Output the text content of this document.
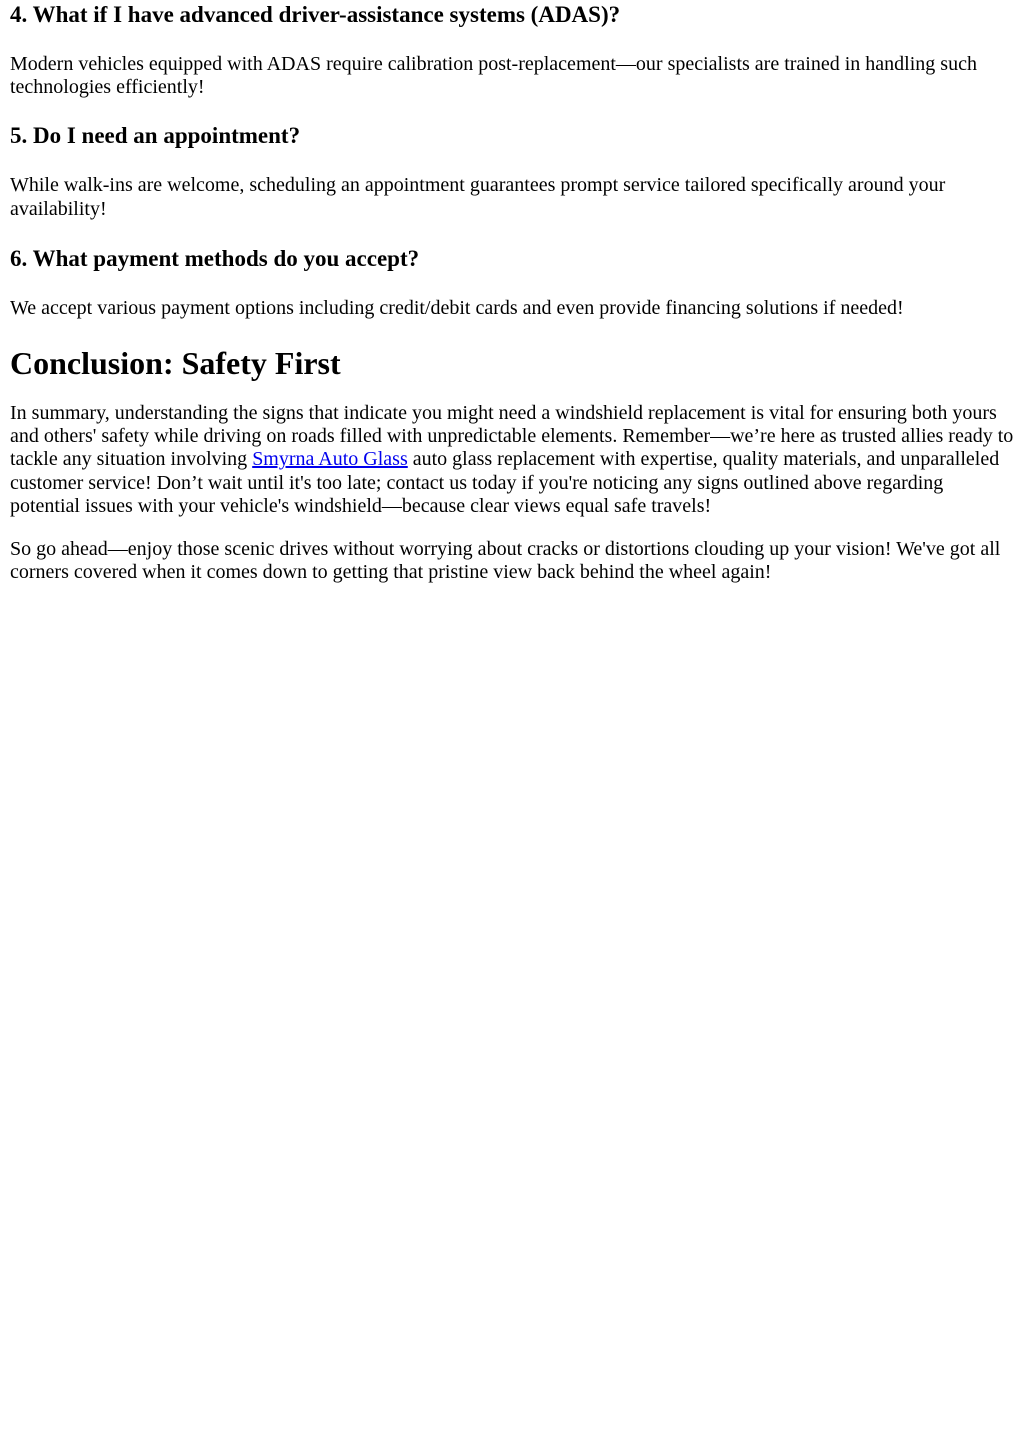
4. What if I have advanced driver-assistance systems (ADAS)?

Modern vehicles equipped with ADAS require calibration post-replacement—our specialists are trained in handling such technologies efficiently!

5. Do I need an appointment?

While walk-ins are welcome, scheduling an appointment guarantees prompt service tailored specifically around your availability!

6. What payment methods do you accept?

We accept various payment options including credit/debit cards and even provide financing solutions if needed!

Conclusion: Safety First

In summary, understanding the signs that indicate you might need a windshield replacement is vital for ensuring both yours and others' safety while driving on roads filled with unpredictable elements. Remember—we’re here as trusted allies ready to tackle any situation involving Smyrna Auto Glass auto glass replacement with expertise, quality materials, and unparalleled customer service! Don’t wait until it's too late; contact us today if you're noticing any signs outlined above regarding potential issues with your vehicle's windshield—because clear views equal safe travels!

So go ahead—enjoy those scenic drives without worrying about cracks or distortions clouding up your vision! We've got all corners covered when it comes down to getting that pristine view back behind the wheel again!
